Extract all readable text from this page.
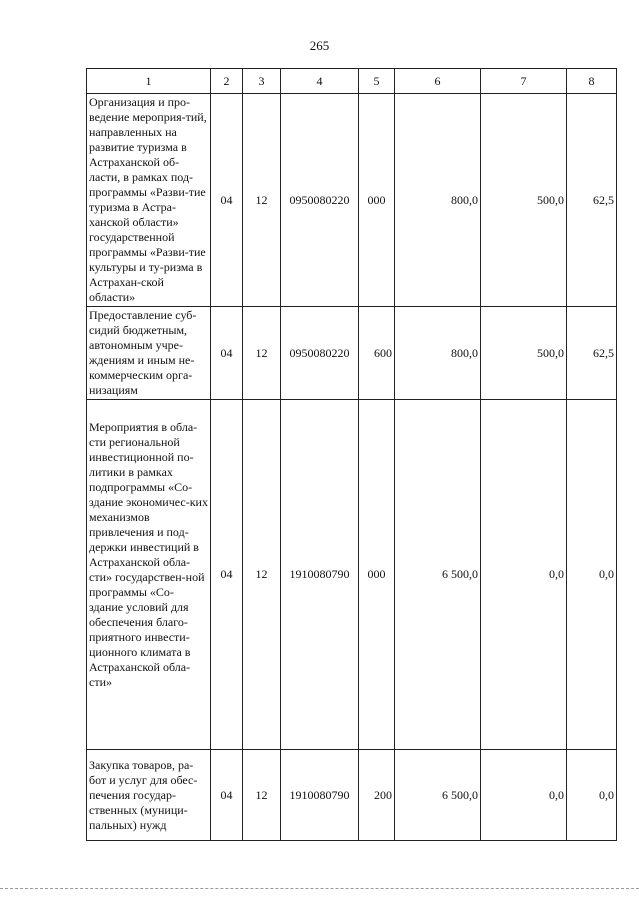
265
1	2	3	4	5	6	7	8
Организация и про-ведение мероприя-тий, направленных на развитие туризма в Астраханской об-ласти, в рамках под-программы «Разви-тие туризма в Астра-ханской области» государственной программы «Разви-тие культуры и ту-ризма в Астрахан-ской области»	04	12	0950080220	000	800,0	500,0	62,5
Предоставление суб-сидий бюджетным, автономным учре-ждениям и иным не-коммерческим орга-низациям	04	12	0950080220	600	800,0	500,0	62,5
Мероприятия в обла-сти региональной инвестиционной по-литики в рамках подпрограммы «Со-здание экономичес-ких механизмов привлечения и под-держки инвестиций в Астраханской обла-сти» государствен-ной программы «Со-здание условий для обеспечения благо-приятного инвести-ционного климата в Астраханской обла-сти»	04	12	1910080790	000	6 500,0	0,0	0,0
Закупка товаров, ра-бот и услуг для обес-печения государ-ственных (муници-пальных) нужд	04	12	1910080790	200	6 500,0	0,0	0,0
